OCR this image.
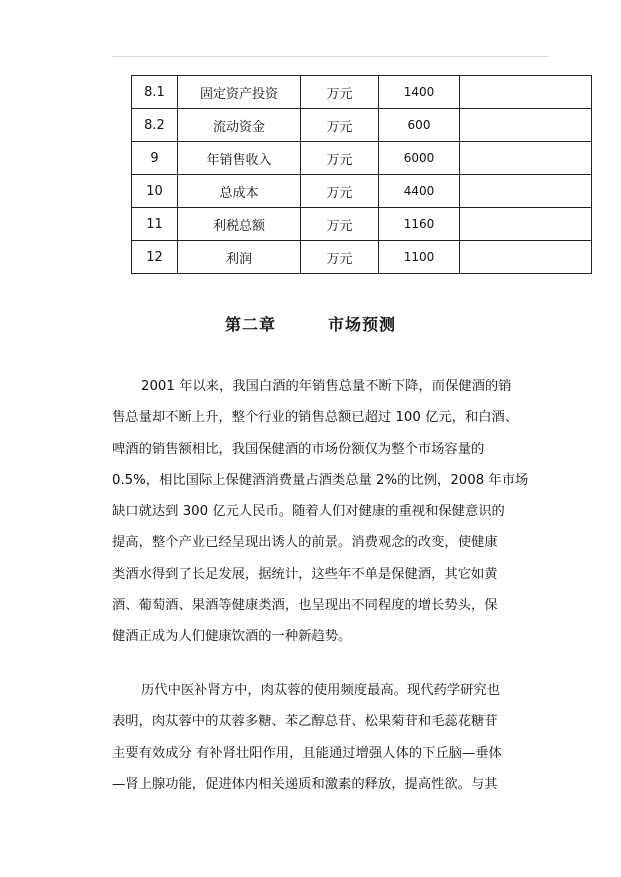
8.1	固定资产投资	万元	1400	
8.2	流动资金	万元	600	
9	年销售收入	万元	6000	
10	总成本	万元	4400	
11	利税总额	万元	1160	
12	利润	万元	1100	
第二章	市场预测

2001 年以来，我国白酒的年销售总量不断下降，而保健酒的销
售总量却不断上升，整个行业的销售总额已超过 100 亿元，和白酒、
啤酒的销售额相比，我国保健酒的市场份额仅为整个市场容量的
0.5%，相比国际上保健酒消费量占酒类总量 2%的比例，2008 年市场
缺口就达到 300 亿元人民币。随着人们对健康的重视和保健意识的
提高，整个产业已经呈现出诱人的前景。消费观念的改变，使健康
类酒水得到了长足发展，据统计，这些年不单是保健酒，其它如黄
酒、葡萄酒、果酒等健康类酒，也呈现出不同程度的增长势头，保
健酒正成为人们健康饮酒的一种新趋势。

历代中医补肾方中，肉苁蓉的使用频度最高。现代药学研究也
表明，肉苁蓉中的苁蓉多糖、苯乙醇总苷、松果菊苷和毛蕊花糖苷
主要有效成分 有补肾壮阳作用，且能通过增强人体的下丘脑—垂体
—肾上腺功能，促进体内相关递质和激素的释放，提高性欲。与其
